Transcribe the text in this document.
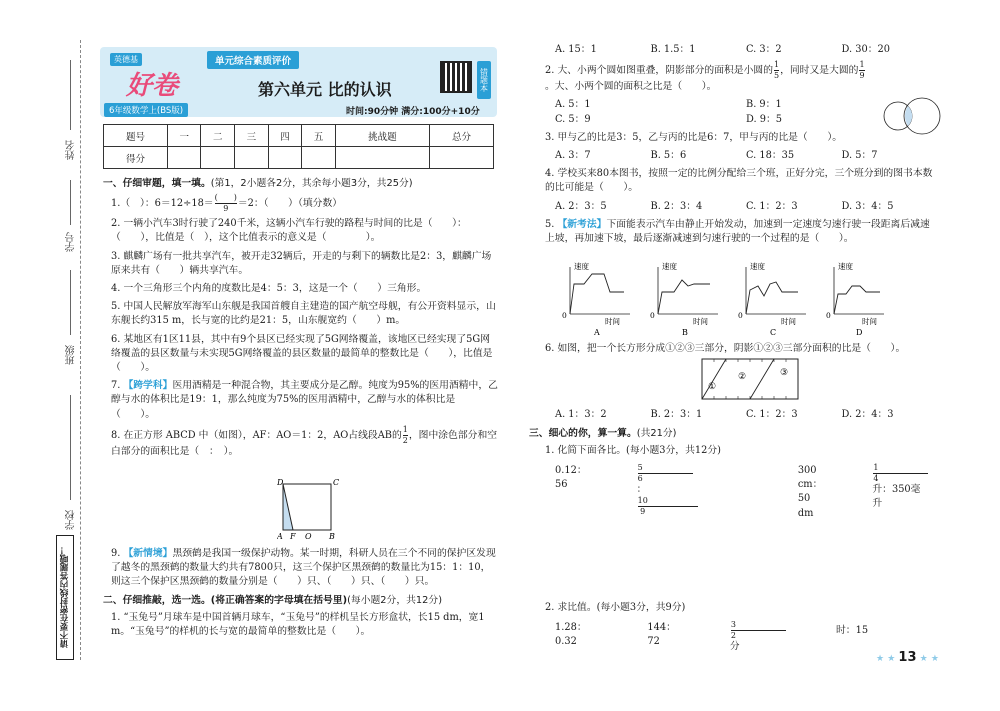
姓名
学号
班级
学校
请不要在密封线内答题哦！
英德基
好卷
6年级数学上(BS版)
单元综合素质评价
第六单元 比的认识
时间:90分钟 满分:100分+10分
错题本
题号	一	二	三	四	五	挑战题	总分
得分							
一、仔细审题，填一填。(第1，2小题各2分，其余每小题3分，共25分)
1.（　）：$6=12\div 18= \frac{( )}{9} =2$：（　　）（填分数）
2. 一辆小汽车3时行驶了240千米，这辆小汽车行驶的路程与时间的比是（　　）：（　　），比值是（　），这个比值表示的意义是（　　　　）。
3. 麒麟广场有一批共享汽车，被开走32辆后，开走的与剩下的辆数比是2：3，麒麟广场原来共有（　　）辆共享汽车。
4. 一个三角形三个内角的度数比是4：5：3，这是一个（　　）三角形。
5. 中国人民解放军海军山东舰是我国首艘自主建造的国产航空母舰，有公开资料显示，山东舰长约315 m，长与宽的比约是21：5，山东舰宽约（　　）m。
6. 某地区有1区11县，其中有9个县区已经实现了5G网络覆盖，该地区已经实现了5G网络覆盖的县区数量与未实现5G网络覆盖的县区数量的最简单的整数比是（　　），比值是（　　）。
7. 【跨学科】医用酒精是一种混合物，其主要成分是乙醇。纯度为95%的医用酒精中，乙醇与水的体积比是19：1，那么纯度为75%的医用酒精中，乙醇与水的体积比是（　　）。
8. 在正方形 ABCD 中（如图），AF：AO＝1：2，AO占线段AB的 $\frac{1}{2}$ ，图中涂色部分和空白部分的面积比是（　：　）。
9. 【新情境】黑颈鹤是我国一级保护动物。某一时期，科研人员在三个不同的保护区发现了越冬的黑颈鹤的数量大约共有7800只，这三个保护区黑颈鹤的数量比为15：1：10，则这三个保护区黑颈鹤的数量分别是（　　）只、（　　）只、（　　）只。
二、仔细推敲，选一选。(将正确答案的字母填在括号里)(每小题2分，共12分)
1. “玉兔号”月球车是中国首辆月球车，“玉兔号”的样机呈长方形盒状，长15 dm，宽1 m。“玉兔号”的样机的长与宽的最简单的整数比是（　　）。
D	C
A F O B
A. 15：1	B. 1.5：1	C. 3：2	D. 30：20
2. 大、小两个圆如图重叠，阴影部分的面积是小圆的 $\frac{1}{5}$ ，同时又是大圆的 $\frac{1}{9}$
。大、小两个圆的面积之比是（　　）。
A. 5：1	B. 9：1
C. 5：9	D. 9：5
3. 甲与乙的比是3：5，乙与丙的比是6：7，甲与丙的比是（　　）。
A. 3：7	B. 5：6	C. 18：35	D. 5：7
4. 学校买来80本图书，按照一定的比例分配给三个班，正好分完，三个班分到的图书本数的比可能是（　　）。
A. 2：3：5	B. 2：3：4	C. 1：2：3	D. 3：4：5
5. 【新考法】下面能表示汽车由静止开始发动，加速到一定速度匀速行驶一段距离后减速上坡，再加速下坡，最后逐渐减速到匀速行驶的一个过程的是（　　）。
6. 如图，把一个长方形分成①②③三部分，阴影①②③三部分面积的比是（　　）。
A. 1：3：2	B. 2：3：1	C. 1：2：3	D. 2：4：3
三、细心的你，算一算。(共21分)
1. 化简下面各比。(每小题3分，共12分)
0.12：56
$\frac{5}{6}$
：
$\frac{10}{9}$
300 cm：50 dm
$\frac{1}{4}$
升：350毫升
2. 求比值。(每小题3分，共9分)
1.28：0.32
144：72
$\frac{3}{2}$	时：15分
速度
时间
0
A
速度
时间
0
B
速度
时间
0
C
速度
时间
0
D
①
②	③
★ ★ 13 ★ ★
